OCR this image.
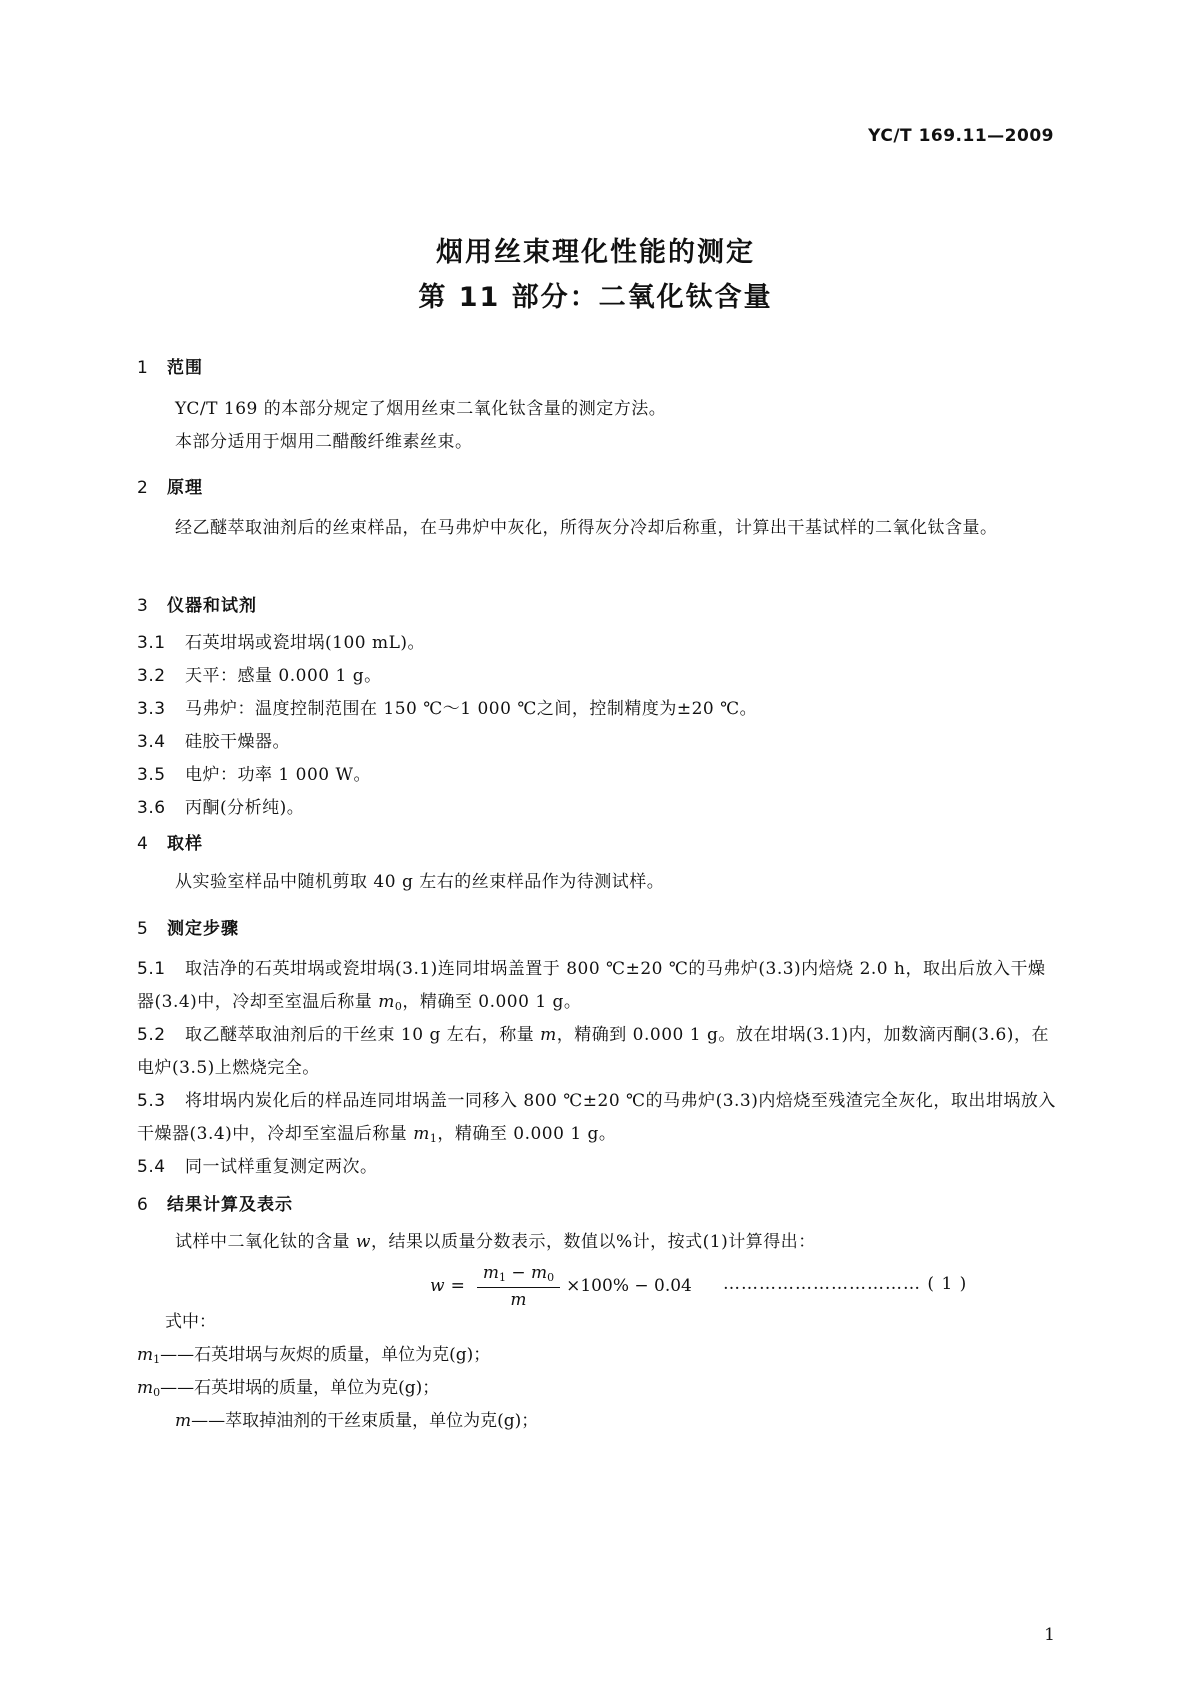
YC/T 169.11—2009
烟用丝束理化性能的测定
第 11 部分：二氧化钛含量
1 范围
YC/T 169 的本部分规定了烟用丝束二氧化钛含量的测定方法。
本部分适用于烟用二醋酸纤维素丝束。
2 原理
经乙醚萃取油剂后的丝束样品，在马弗炉中灰化，所得灰分冷却后称重，计算出干基试样的二氧化钛含量。
3 仪器和试剂
3.1 石英坩埚或瓷坩埚(100 mL)。
3.2 天平：感量 0.000 1 g。
3.3 马弗炉：温度控制范围在 150 ℃～1 000 ℃之间，控制精度为±20 ℃。
3.4 硅胶干燥器。
3.5 电炉：功率 1 000 W。
3.6 丙酮(分析纯)。
4 取样
从实验室样品中随机剪取 40 g 左右的丝束样品作为待测试样。
5 测定步骤
5.1 取洁净的石英坩埚或瓷坩埚(3.1)连同坩埚盖置于 800 ℃±20 ℃的马弗炉(3.3)内焙烧 2.0 h，取出后放入干燥器(3.4)中，冷却至室温后称量 $m_0$，精确至 0.000 1 g。
5.2 取乙醚萃取油剂后的干丝束 10 g 左右，称量 m，精确到 0.000 1 g。放在坩埚(3.1)内，加数滴丙酮(3.6)，在电炉(3.5)上燃烧完全。
5.3 将坩埚内炭化后的样品连同坩埚盖一同移入 800 ℃±20 ℃的马弗炉(3.3)内焙烧至残渣完全灰化，取出坩埚放入干燥器(3.4)中，冷却至室温后称量 $m_1$，精确至 0.000 1 g。
5.4 同一试样重复测定两次。
6 结果计算及表示
试样中二氧化钛的含量 w，结果以质量分数表示，数值以%计，按式(1)计算得出：
$w = \frac{m_1 - m_0}{m} \times 100\% - 0.04$ …………………………… ( 1 )
式中：
$m_1——$石英坩埚与灰烬的质量，单位为克(g)；
$m_0——$石英坩埚的质量，单位为克(g)；
m——萃取掉油剂的干丝束质量，单位为克(g)；
1
